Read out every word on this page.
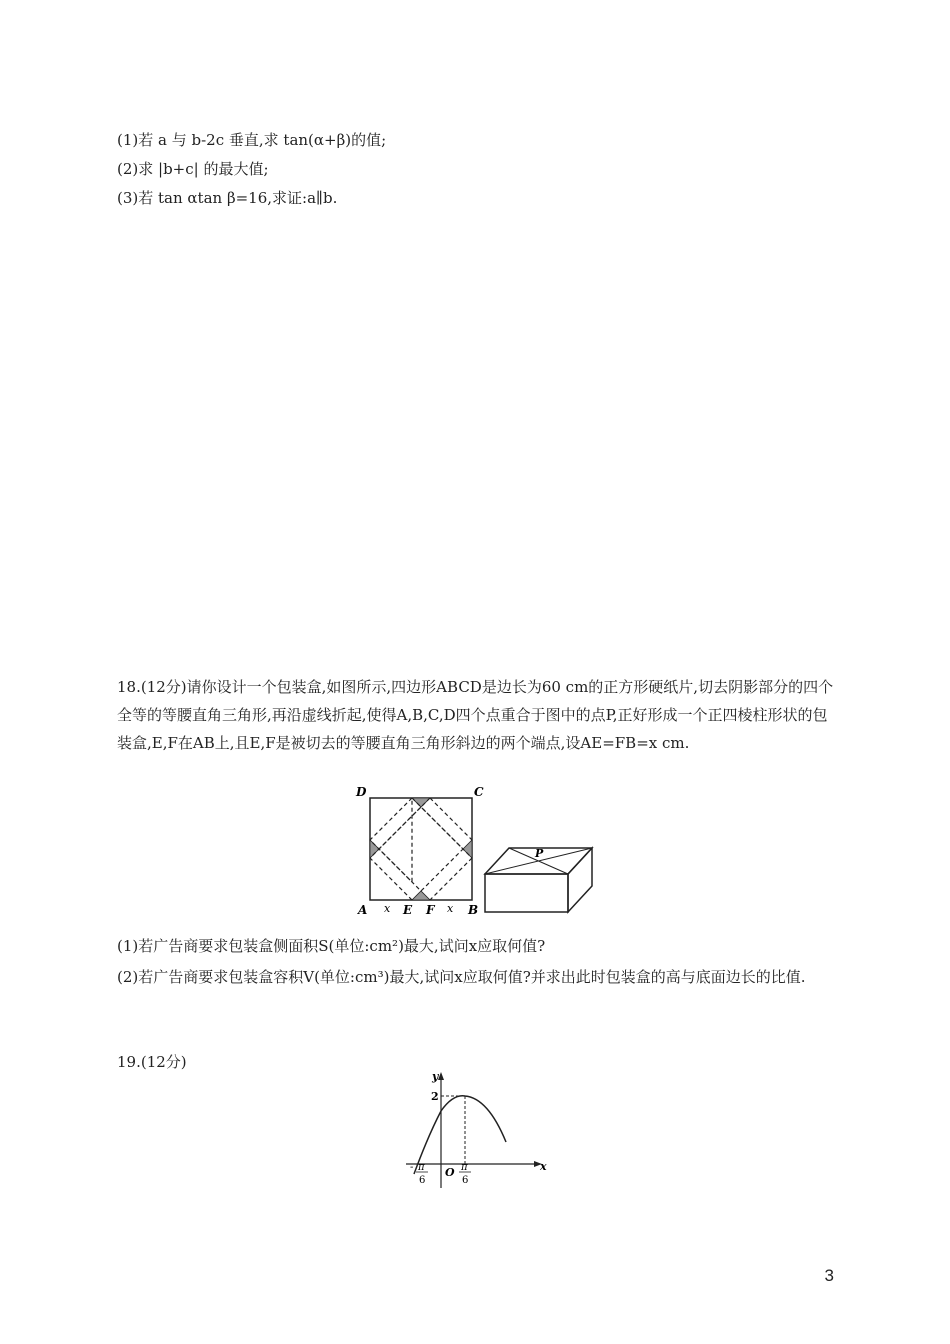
(1)若 a 与 b-2c 垂直,求 tan(α+β)的值;
(2)求 |b+c| 的最大值;
(3)若 tan αtan β=16,求证:a∥b.
18.(12分)请你设计一个包装盒,如图所示,四边形ABCD是边长为60 cm的正方形硬纸片,切去阴影部分的四个全等的等腰直角三角形,再沿虚线折起,使得A,B,C,D四个点重合于图中的点P,正好形成一个正四棱柱形状的包装盒,E,F在AB上,且E,F是被切去的等腰直角三角形斜边的两个端点,设AE=FB=x cm.
D	C
A x E F x B
P
(1)若广告商要求包装盒侧面积S(单位:cm²)最大,试问x应取何值?
(2)若广告商要求包装盒容积V(单位:cm³)最大,试问x应取何值?并求出此时包装盒的高与底面边长的比值.
19.(12分)
y
x
2
O
- π
6
π
6
3
